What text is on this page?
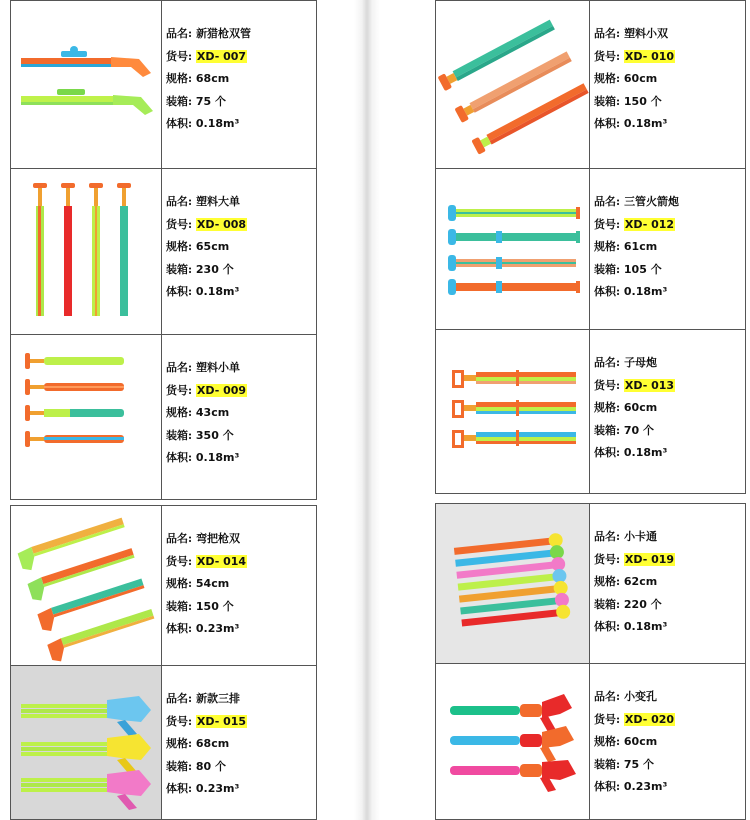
品名: 新猎枪双管
货号: XD- 007
规格: 68cm
装箱: 75 个
体积: 0.18m³
品名: 塑料大单
货号: XD- 008
规格: 65cm
装箱: 230 个
体积: 0.18m³
品名: 塑料小单
货号: XD- 009
规格: 43cm
装箱: 350 个
体积: 0.18m³
品名: 弯把枪双
货号: XD- 014
规格: 54cm
装箱: 150 个
体积: 0.23m³
品名: 新款三排
货号: XD- 015
规格: 68cm
装箱: 80 个
体积: 0.23m³
品名: 塑料小双
货号: XD- 010
规格: 60cm
装箱: 150 个
体积: 0.18m³
品名: 三管火箭炮
货号: XD- 012
规格: 61cm
装箱: 105 个
体积: 0.18m³
品名: 子母炮
货号: XD- 013
规格: 60cm
装箱: 70 个
体积: 0.18m³
品名: 小卡通
货号: XD- 019
规格: 62cm
装箱: 220 个
体积: 0.18m³
品名: 小变孔
货号: XD- 020
规格: 60cm
装箱: 75 个
体积: 0.23m³
